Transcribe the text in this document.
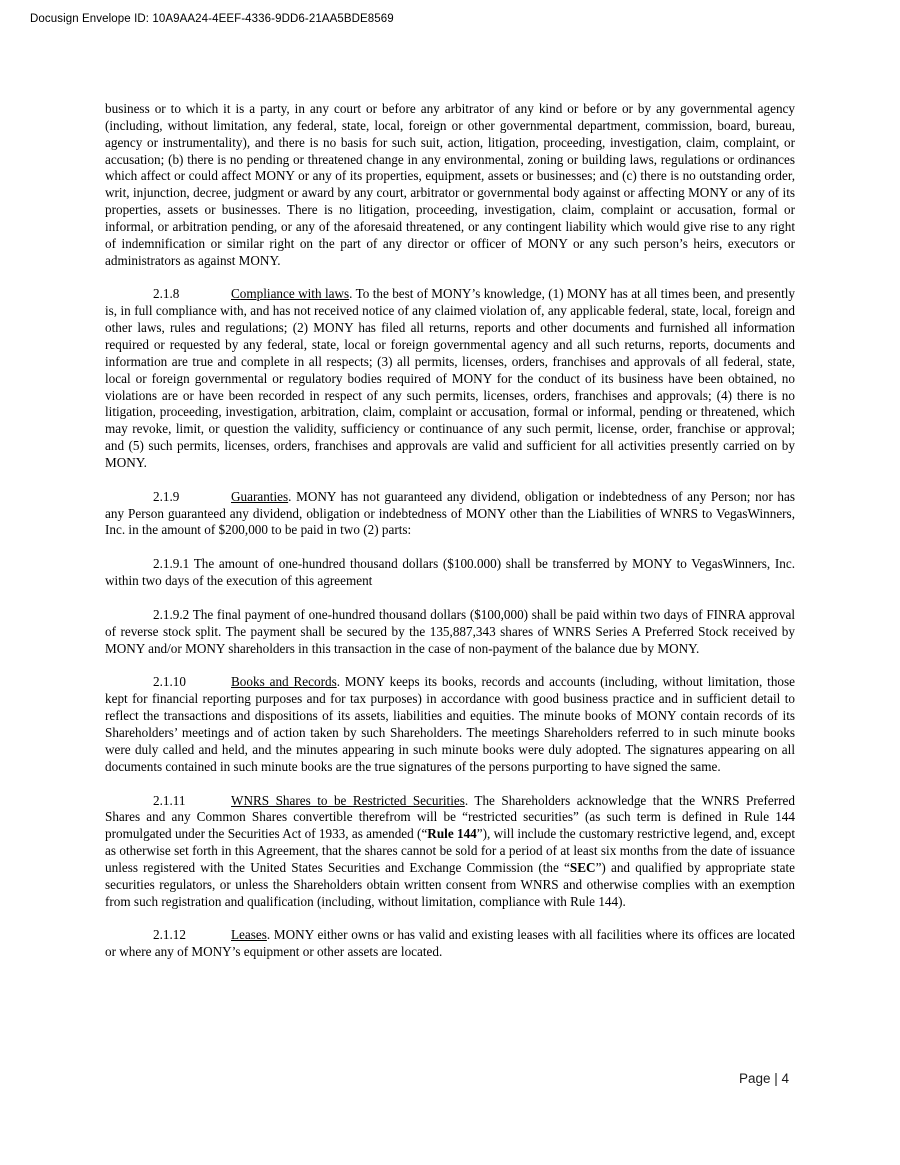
Docusign Envelope ID: 10A9AA24-4EEF-4336-9DD6-21AA5BDE8569

business or to which it is a party, in any court or before any arbitrator of any kind or before or by any governmental agency (including, without limitation, any federal, state, local, foreign or other governmental department, commission, board, bureau, agency or instrumentality), and there is no basis for such suit, action, litigation, proceeding, investigation, claim, complaint, or accusation; (b) there is no pending or threatened change in any environmental, zoning or building laws, regulations or ordinances which affect or could affect MONY or any of its properties, equipment, assets or businesses; and (c) there is no outstanding order, writ, injunction, decree, judgment or award by any court, arbitrator or governmental body against or affecting MONY or any of its properties, assets or businesses. There is no litigation, proceeding, investigation, claim, complaint or accusation, formal or informal, or arbitration pending, or any of the aforesaid threatened, or any contingent liability which would give rise to any right of indemnification or similar right on the part of any director or officer of MONY or any such person’s heirs, executors or administrators as against MONY.

2.1.8	Compliance with laws. To the best of MONY’s knowledge, (1) MONY has at all times been, and presently is, in full compliance with, and has not received notice of any claimed violation of, any applicable federal, state, local, foreign and other laws, rules and regulations; (2) MONY has filed all returns, reports and other documents and furnished all information required or requested by any federal, state, local or foreign governmental agency and all such returns, reports, documents and information are true and complete in all respects; (3) all permits, licenses, orders, franchises and approvals of all federal, state, local or foreign governmental or regulatory bodies required of MONY for the conduct of its business have been obtained, no violations are or have been recorded in respect of any such permits, licenses, orders, franchises and approvals; (4) there is no litigation, proceeding, investigation, arbitration, claim, complaint or accusation, formal or informal, pending or threatened, which may revoke, limit, or question the validity, sufficiency or continuance of any such permit, license, order, franchise or approval; and (5) such permits, licenses, orders, franchises and approvals are valid and sufficient for all activities presently carried on by MONY.

2.1.9	Guaranties. MONY has not guaranteed any dividend, obligation or indebtedness of any Person; nor has any Person guaranteed any dividend, obligation or indebtedness of MONY other than the Liabilities of WNRS to VegasWinners, Inc. in the amount of $200,000 to be paid in two (2) parts:

2.1.9.1 The amount of one-hundred thousand dollars ($100.000) shall be transferred by MONY to VegasWinners, Inc. within two days of the execution of this agreement

2.1.9.2 The final payment of one-hundred thousand dollars ($100,000) shall be paid within two days of FINRA approval of reverse stock split. The payment shall be secured by the 135,887,343 shares of WNRS Series A Preferred Stock received by MONY and/or MONY shareholders in this transaction in the case of non-payment of the balance due by MONY.

2.1.10	Books and Records. MONY keeps its books, records and accounts (including, without limitation, those kept for financial reporting purposes and for tax purposes) in accordance with good business practice and in sufficient detail to reflect the transactions and dispositions of its assets, liabilities and equities. The minute books of MONY contain records of its Shareholders’ meetings and of action taken by such Shareholders. The meetings Shareholders referred to in such minute books were duly called and held, and the minutes appearing in such minute books were duly adopted. The signatures appearing on all documents contained in such minute books are the true signatures of the persons purporting to have signed the same.

2.1.11	WNRS Shares to be Restricted Securities. The Shareholders acknowledge that the WNRS Preferred Shares and any Common Shares convertible therefrom will be “restricted securities” (as such term is defined in Rule 144 promulgated under the Securities Act of 1933, as amended (“Rule 144”), will include the customary restrictive legend, and, except as otherwise set forth in this Agreement, that the shares cannot be sold for a period of at least six months from the date of issuance unless registered with the United States Securities and Exchange Commission (the “SEC”) and qualified by appropriate state securities regulators, or unless the Shareholders obtain written consent from WNRS and otherwise complies with an exemption from such registration and qualification (including, without limitation, compliance with Rule 144).

2.1.12	Leases. MONY either owns or has valid and existing leases with all facilities where its offices are located or where any of MONY’s equipment or other assets are located.

Page | 4
